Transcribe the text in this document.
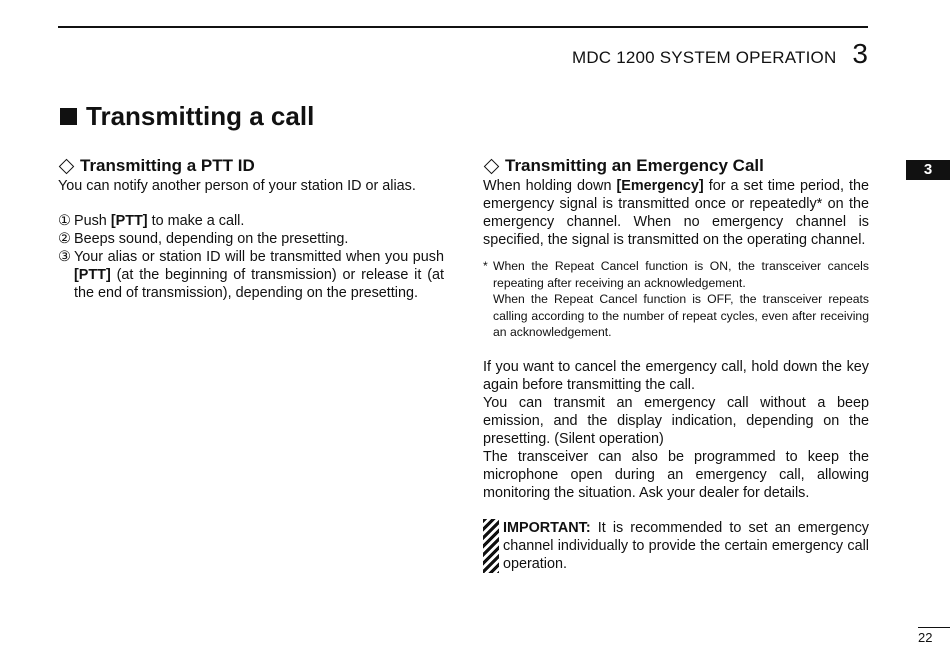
MDC 1200 SYSTEM OPERATION 3
Transmitting a call
Transmitting a PTT ID

You can notify another person of your station ID or alias.

① Push [PTT] to make a call.
② Beeps sound, depending on the presetting.
③ Your alias or station ID will be transmitted when you push [PTT] (at the beginning of transmission) or release it (at the end of transmission), depending on the presetting.
Transmitting an Emergency Call

When holding down [Emergency] for a set time period, the emergency signal is transmitted once or repeatedly* on the emergency channel. When no emergency channel is specified, the signal is transmitted on the operating channel.

* When the Repeat Cancel function is ON, the transceiver cancels repeating after receiving an acknowledgement.

When the Repeat Cancel function is OFF, the transceiver repeats calling according to the number of repeat cycles, even after receiving an acknowledgement.

If you want to cancel the emergency call, hold down the key again before transmitting the call.

You can transmit an emergency call without a beep emission, and the display indication, depending on the presetting. (Silent operation)

The transceiver can also be programmed to keep the microphone open during an emergency call, allowing monitoring the situation. Ask your dealer for details.

IMPORTANT: It is recommended to set an emergency channel individually to provide the certain emergency call operation.

3
22
